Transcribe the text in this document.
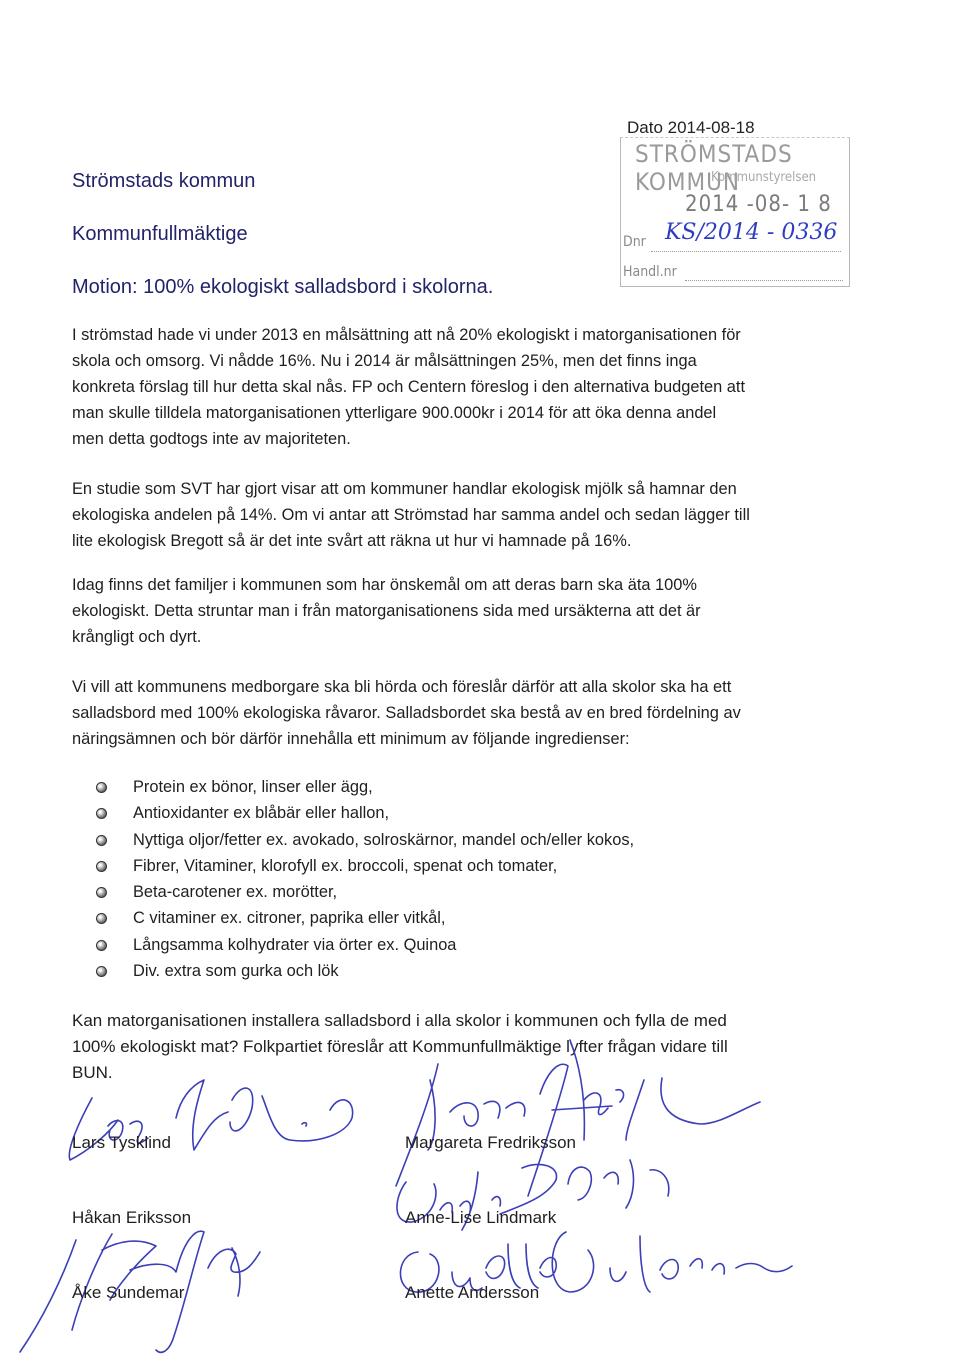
Dato 2014-08-18
STRÖMSTADS KOMMUN
Kommunstyrelsen
2014 -08- 1 8
Dnr KS/2014 - 0336
Handl.nr
Strömstads kommun
Kommunfullmäktige
Motion: 100% ekologiskt salladsbord i skolorna.
I strömstad hade vi under 2013 en målsättning att nå 20% ekologiskt i matorganisationen för
skola och omsorg. Vi nådde 16%. Nu i 2014 är målsättningen 25%, men det finns inga
konkreta förslag till hur detta skal nås. FP och Centern föreslog i den alternativa budgeten att
man skulle tilldela matorganisationen ytterligare 900.000kr i 2014 för att öka denna andel
men detta godtogs inte av majoriteten.
En studie som SVT har gjort visar att om kommuner handlar ekologisk mjölk så hamnar den
ekologiska andelen på 14%. Om vi antar att Strömstad har samma andel och sedan lägger till
lite ekologisk Bregott så är det inte svårt att räkna ut hur vi hamnade på 16%.
Idag finns det familjer i kommunen som har önskemål om att deras barn ska äta 100%
ekologiskt. Detta struntar man i från matorganisationens sida med ursäkterna att det är
krångligt och dyrt.
Vi vill att kommunens medborgare ska bli hörda och föreslår därför att alla skolor ska ha ett
salladsbord med 100% ekologiska råvaror. Salladsbordet ska bestå av en bred fördelning av
näringsämnen och bör därför innehålla ett minimum av följande ingredienser:
Protein ex bönor, linser eller ägg,
Antioxidanter ex blåbär eller hallon,
Nyttiga oljor/fetter ex. avokado, solroskärnor, mandel och/eller kokos,
Fibrer, Vitaminer, klorofyll ex. broccoli, spenat och tomater,
Beta-carotener ex. morötter,
C vitaminer ex. citroner, paprika eller vitkål,
Långsamma kolhydrater via örter ex. Quinoa
Div. extra som gurka och lök
Kan matorganisationen installera salladsbord i alla skolor i kommunen och fylla de med
100% ekologiskt mat? Folkpartiet föreslår att Kommunfullmäktige lyfter frågan vidare till
BUN.
Lars Tysklind	Margareta Fredriksson
Håkan Eriksson	Anne-Lise Lindmark
Åke Sundemar	Anette Andersson
